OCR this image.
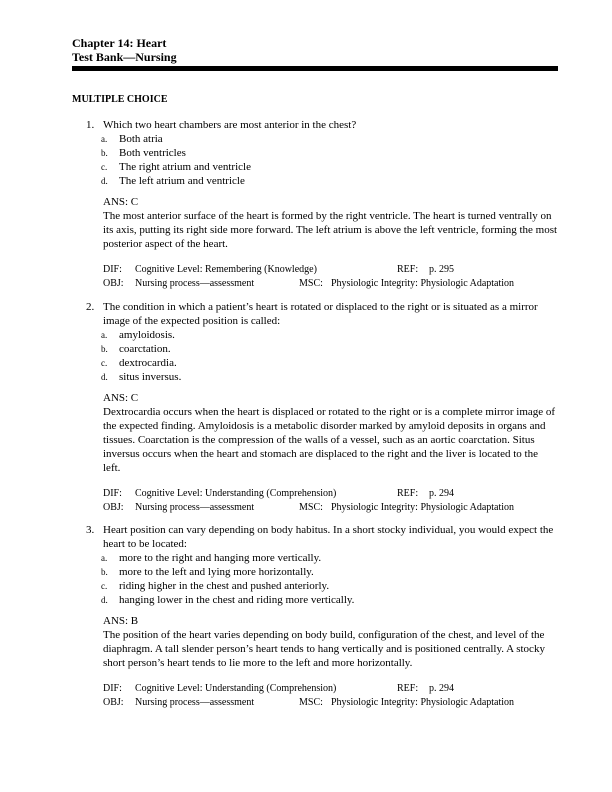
Chapter 14: Heart
Test Bank—Nursing
MULTIPLE CHOICE
1. Which two heart chambers are most anterior in the chest?
a.	Both atria
b.	Both ventricles
c.	The right atrium and ventricle
d.	The left atrium and ventricle
ANS: C
The most anterior surface of the heart is formed by the right ventricle. The heart is turned ventrally on its axis, putting its right side more forward. The left atrium is above the left ventricle, forming the most posterior aspect of the heart.
DIF: Cognitive Level: Remembering (Knowledge)	REF: p. 295
OBJ: Nursing process—assessment	MSC: Physiologic Integrity: Physiologic Adaptation
2. The condition in which a patient’s heart is rotated or displaced to the right or is situated as a mirror image of the expected position is called:
a.	amyloidosis.
b.	coarctation.
c.	dextrocardia.
d.	situs inversus.
ANS: C
Dextrocardia occurs when the heart is displaced or rotated to the right or is a complete mirror image of the expected finding. Amyloidosis is a metabolic disorder marked by amyloid deposits in organs and tissues. Coarctation is the compression of the walls of a vessel, such as an aortic coarctation. Situs inversus occurs when the heart and stomach are displaced to the right and the liver is located to the left.
DIF: Cognitive Level: Understanding (Comprehension)	REF: p. 294
OBJ: Nursing process—assessment	MSC: Physiologic Integrity: Physiologic Adaptation
3. Heart position can vary depending on body habitus. In a short stocky individual, you would expect the heart to be located:
a.	more to the right and hanging more vertically.
b.	more to the left and lying more horizontally.
c.	riding higher in the chest and pushed anteriorly.
d.	hanging lower in the chest and riding more vertically.
ANS: B
The position of the heart varies depending on body build, configuration of the chest, and level of the diaphragm. A tall slender person’s heart tends to hang vertically and is positioned centrally. A stocky short person’s heart tends to lie more to the left and more horizontally.
DIF: Cognitive Level: Understanding (Comprehension)	REF: p. 294
OBJ: Nursing process—assessment	MSC: Physiologic Integrity: Physiologic Adaptation
